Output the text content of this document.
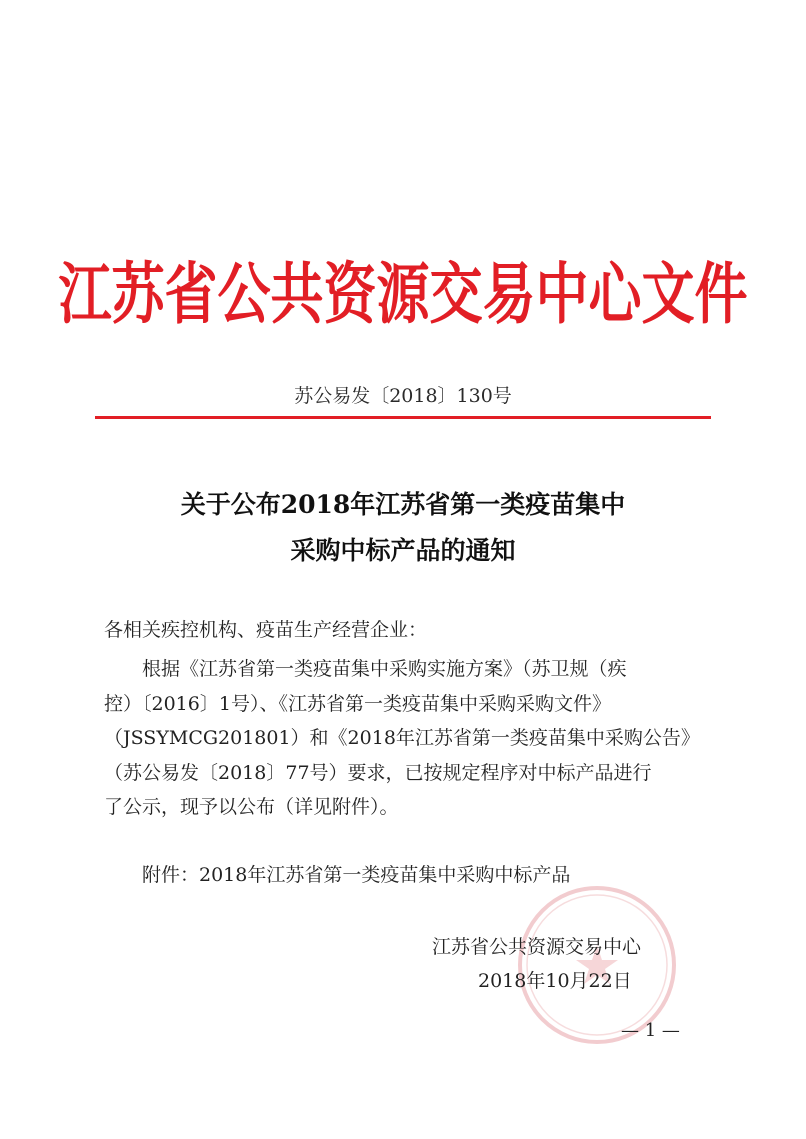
江苏省公共资源交易中心文件
苏公易发〔2018〕130号
关于公布2018年江苏省第一类疫苗集中
采购中标产品的通知
各相关疾控机构、疫苗生产经营企业：
根据《江苏省第一类疫苗集中采购实施方案》（苏卫规（疾
控）〔2016〕1号）、《江苏省第一类疫苗集中采购采购文件》
（JSSYMCG201801）和《2018年江苏省第一类疫苗集中采购公告》
（苏公易发〔2018〕77号）要求，已按规定程序对中标产品进行
了公示，现予以公布（详见附件）。
附件：2018年江苏省第一类疫苗集中采购中标产品
江苏省公共资源交易中心
2018年10月22日
— 1 —
